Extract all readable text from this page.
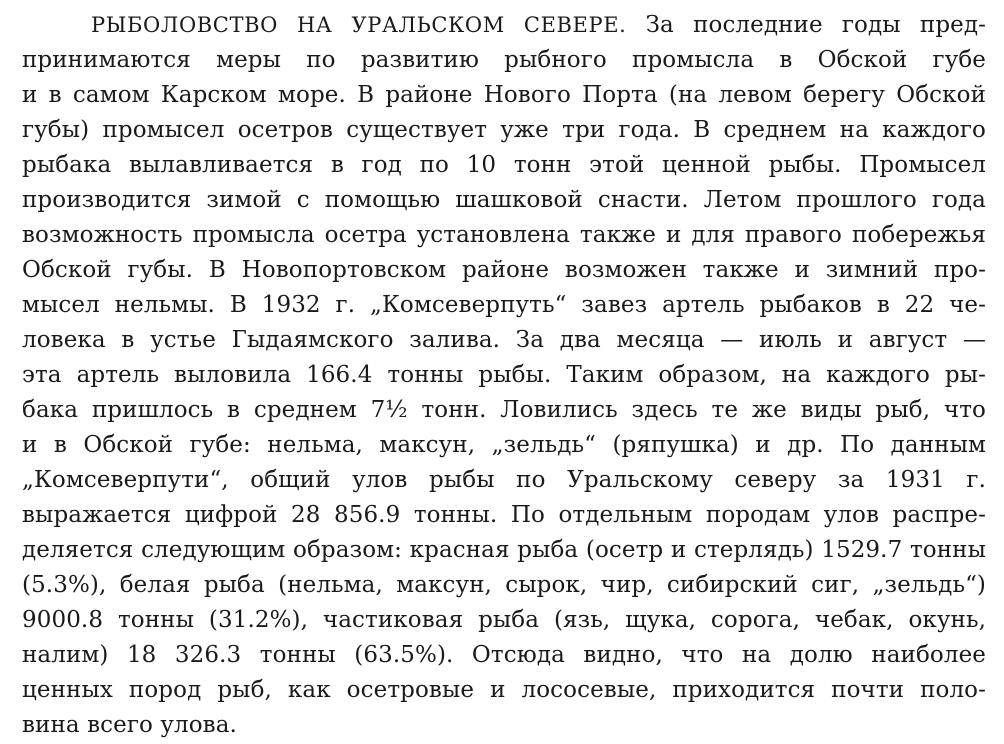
РЫБОЛОВСТВО НА УРАЛЬСКОМ СЕВЕРЕ. За последние годы пред-
принимаются меры по развитию рыбного промысла в Обской губе
и в самом Карском море. В районе Нового Порта (на левом берегу Обской
губы) промысел осетров существует уже три года. В среднем на каждого
рыбака вылавливается в год по 10 тонн этой ценной рыбы. Промысел
производится зимой с помощью шашковой снасти. Летом прошлого года
возможность промысла осетра установлена также и для правого побережья
Обской губы. В Новопортовском районе возможен также и зимний про-
мысел нельмы. В 1932 г. „Комсеверпуть“ завез артель рыбаков в 22 че-
ловека в устье Гыдаямского залива. За два месяца — июль и август —
эта артель выловила 166.4 тонны рыбы. Таким образом, на каждого ры-
бака пришлось в среднем 7½ тонн. Ловились здесь те же виды рыб, что
и в Обской губе: нельма, максун, „зельдь“ (ряпушка) и др. По данным
„Комсеверпути“, общий улов рыбы по Уральскому северу за 1931 г.
выражается цифрой 28 856.9 тонны. По отдельным породам улов распре-
деляется следующим образом: красная рыба (осетр и стерлядь) 1529.7 тонны
(5.3%), белая рыба (нельма, максун, сырок, чир, сибирский сиг, „зельдь“)
9000.8 тонны (31.2%), частиковая рыба (язь, щука, сорога, чебак, окунь,
налим) 18 326.3 тонны (63.5%). Отсюда видно, что на долю наиболее
ценных пород рыб, как осетровые и лососевые, приходится почти поло-
вина всего улова.
